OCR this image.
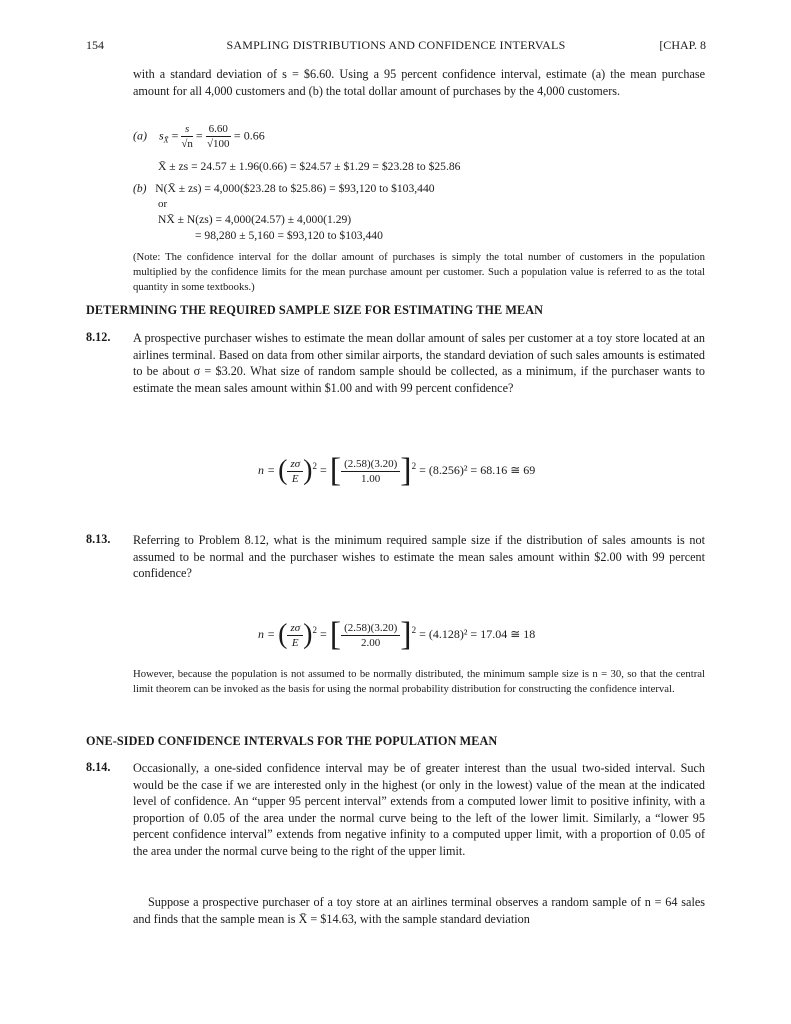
154	SAMPLING DISTRIBUTIONS AND CONFIDENCE INTERVALS	[CHAP. 8
with a standard deviation of s = $6.60. Using a 95 percent confidence interval, estimate (a) the mean purchase amount for all 4,000 customers and (b) the total dollar amount of purchases by the 4,000 customers.
(a) $s_{X̄} = \frac{s}{√n} = \frac{6.60}{√100} = 0.66$
X̄ ± zs = 24.57 ± 1.96(0.66) = $24.57 ± $1.29 = $23.28 to $25.86
(b) N(X̄ ± zs) = 4,000($23.28 to $25.86) = $93,120 to $103,440
or
NX̄ ± N(zs) = 4,000(24.57) ± 4,000(1.29)
= 98,280 ± 5,160 = $93,120 to $103,440
(Note: The confidence interval for the dollar amount of purchases is simply the total number of customers in the population multiplied by the confidence limits for the mean purchase amount per customer. Such a population value is referred to as the total quantity in some textbooks.)
DETERMINING THE REQUIRED SAMPLE SIZE FOR ESTIMATING THE MEAN
8.12. A prospective purchaser wishes to estimate the mean dollar amount of sales per customer at a toy store located at an airlines terminal. Based on data from other similar airports, the standard deviation of such sales amounts is estimated to be about σ = $3.20. What size of random sample should be collected, as a minimum, if the purchaser wants to estimate the mean sales amount within $1.00 and with 99 percent confidence?
n = ( $\frac{z\sigma}{E} )^2$ = [ $\frac{(2.58)(3.20)}{1.00} ]^2 = (8.256)^2 = 68.16$ ≅ 69
8.13. Referring to Problem 8.12, what is the minimum required sample size if the distribution of sales amounts is not assumed to be normal and the purchaser wishes to estimate the mean sales amount within $2.00 with 99 percent confidence?
n = ( $\frac{z\sigma}{E} )^2$ = [ $\frac{(2.58)(3.20)}{2.00} ]^2 = (4.128)^2 = 17.04$ ≅ 18
However, because the population is not assumed to be normally distributed, the minimum sample size is n = 30, so that the central limit theorem can be invoked as the basis for using the normal probability distribution for constructing the confidence interval.
ONE-SIDED CONFIDENCE INTERVALS FOR THE POPULATION MEAN
8.14. Occasionally, a one-sided confidence interval may be of greater interest than the usual two-sided interval. Such would be the case if we are interested only in the highest (or only in the lowest) value of the mean at the indicated level of confidence. An “upper 95 percent interval” extends from a computed lower limit to positive infinity, with a proportion of 0.05 of the area under the normal curve being to the left of the lower limit. Similarly, a “lower 95 percent confidence interval” extends from negative infinity to a computed upper limit, with a proportion of 0.05 of the area under the normal curve being to the right of the upper limit.
Suppose a prospective purchaser of a toy store at an airlines terminal observes a random sample of n = 64 sales and finds that the sample mean is X̄ = $14.63, with the sample standard deviation
